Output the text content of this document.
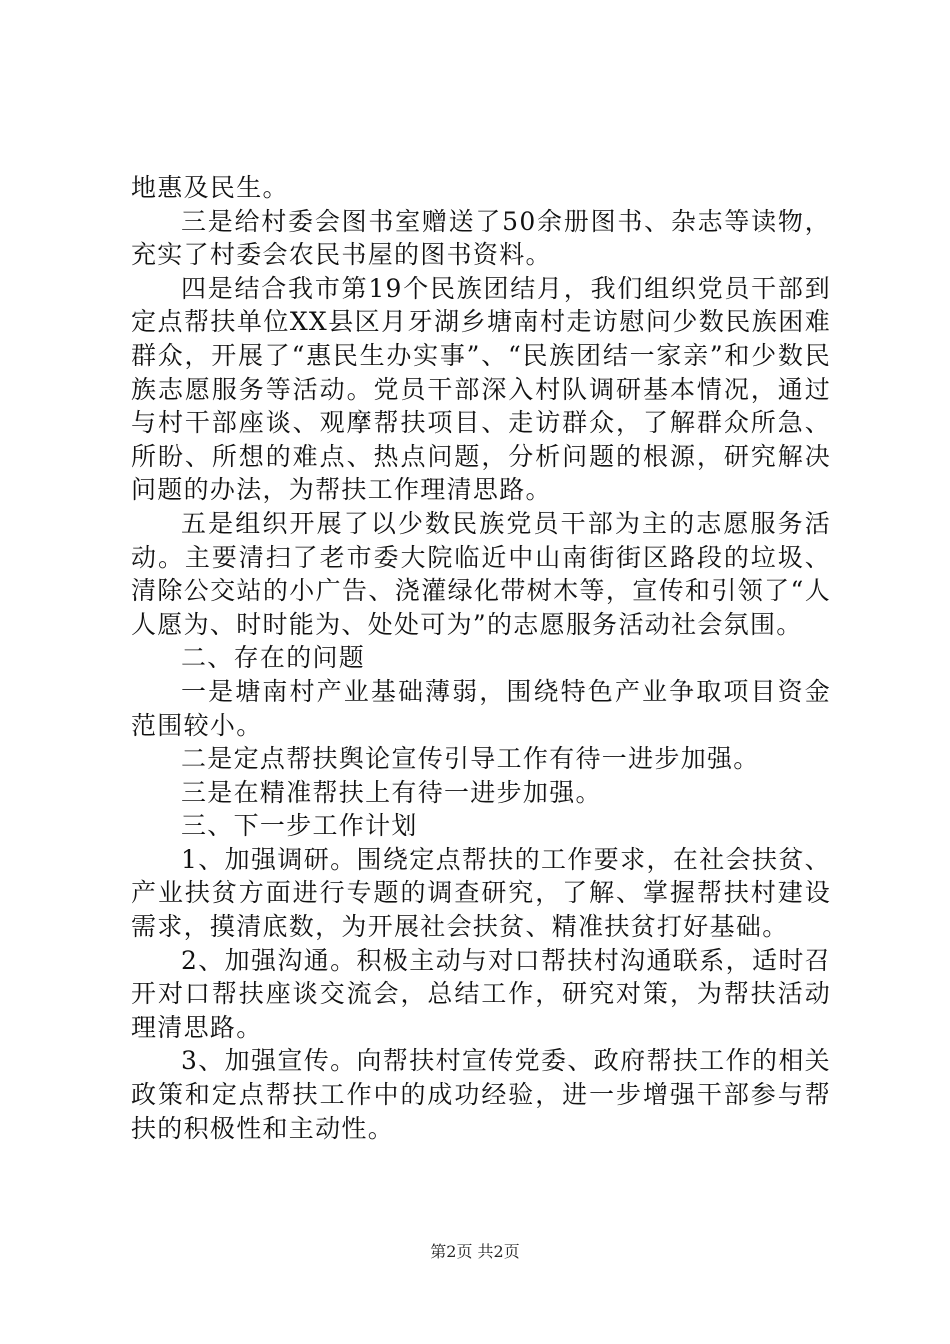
地惠及民生。

三是给村委会图书室赠送了50余册图书、杂志等读物，充实了村委会农民书屋的图书资料。

四是结合我市第19个民族团结月，我们组织党员干部到定点帮扶单位XX县区月牙湖乡塘南村走访慰问少数民族困难群众，开展了“惠民生办实事”、“民族团结一家亲”和少数民族志愿服务等活动。党员干部深入村队调研基本情况，通过与村干部座谈、观摩帮扶项目、走访群众，了解群众所急、所盼、所想的难点、热点问题，分析问题的根源，研究解决问题的办法，为帮扶工作理清思路。

五是组织开展了以少数民族党员干部为主的志愿服务活动。主要清扫了老市委大院临近中山南街街区路段的垃圾、清除公交站的小广告、浇灌绿化带树木等，宣传和引领了“人人愿为、时时能为、处处可为”的志愿服务活动社会氛围。

二、存在的问题

一是塘南村产业基础薄弱，围绕特色产业争取项目资金范围较小。

二是定点帮扶舆论宣传引导工作有待一进步加强。

三是在精准帮扶上有待一进步加强。

三、下一步工作计划

1、加强调研。围绕定点帮扶的工作要求，在社会扶贫、产业扶贫方面进行专题的调查研究，了解、掌握帮扶村建设需求，摸清底数，为开展社会扶贫、精准扶贫打好基础。

2、加强沟通。积极主动与对口帮扶村沟通联系，适时召开对口帮扶座谈交流会，总结工作，研究对策，为帮扶活动理清思路。

3、加强宣传。向帮扶村宣传党委、政府帮扶工作的相关政策和定点帮扶工作中的成功经验，进一步增强干部参与帮扶的积极性和主动性。

第2页 共2页
